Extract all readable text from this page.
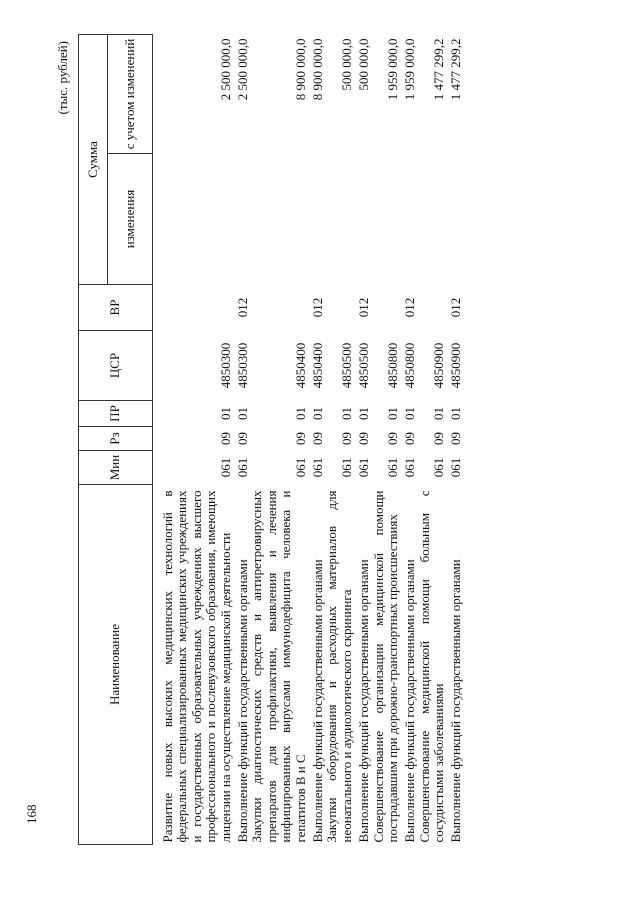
168
(тыс. рублей)
Наименование	Мин	Рз	ПР	ЦСР	ВР	Сумма	
						изменения	с учетом изменений

Развитие новых высоких медицинских технологий в федеральных специализированных медицинских учреждениях и государственных образовательных учреждениях высшего профессионального и послевузовского образования, имеющих лицензии на осуществление медицинской деятельности	061	09	01	4850300			2 500 000,0
Выполнение функций государственными органами	061	09	01	4850300	012		2 500 000,0
Закупки диагностических средств и антиретровирусных препаратов для профилактики, выявления и лечения инфицированных вирусами иммунодефицита человека и гепатитов B и C	061	09	01	4850400			8 900 000,0
Выполнение функций государственными органами	061	09	01	4850400	012		8 900 000,0
Закупки оборудования и расходных материалов для неонатального и аудиологического скрининга	061	09	01	4850500			500 000,0
Выполнение функций государственными органами	061	09	01	4850500	012		500 000,0
Совершенствование организации медицинской помощи пострадавшим при дорожно-транспортных происшествиях	061	09	01	4850800			1 959 000,0
Выполнение функций государственными органами	061	09	01	4850800	012		1 959 000,0
Совершенствование медицинской помощи больным с сосудистыми заболеваниями	061	09	01	4850900			1 477 299,2
Выполнение функций государственными органами	061	09	01	4850900	012		1 477 299,2
